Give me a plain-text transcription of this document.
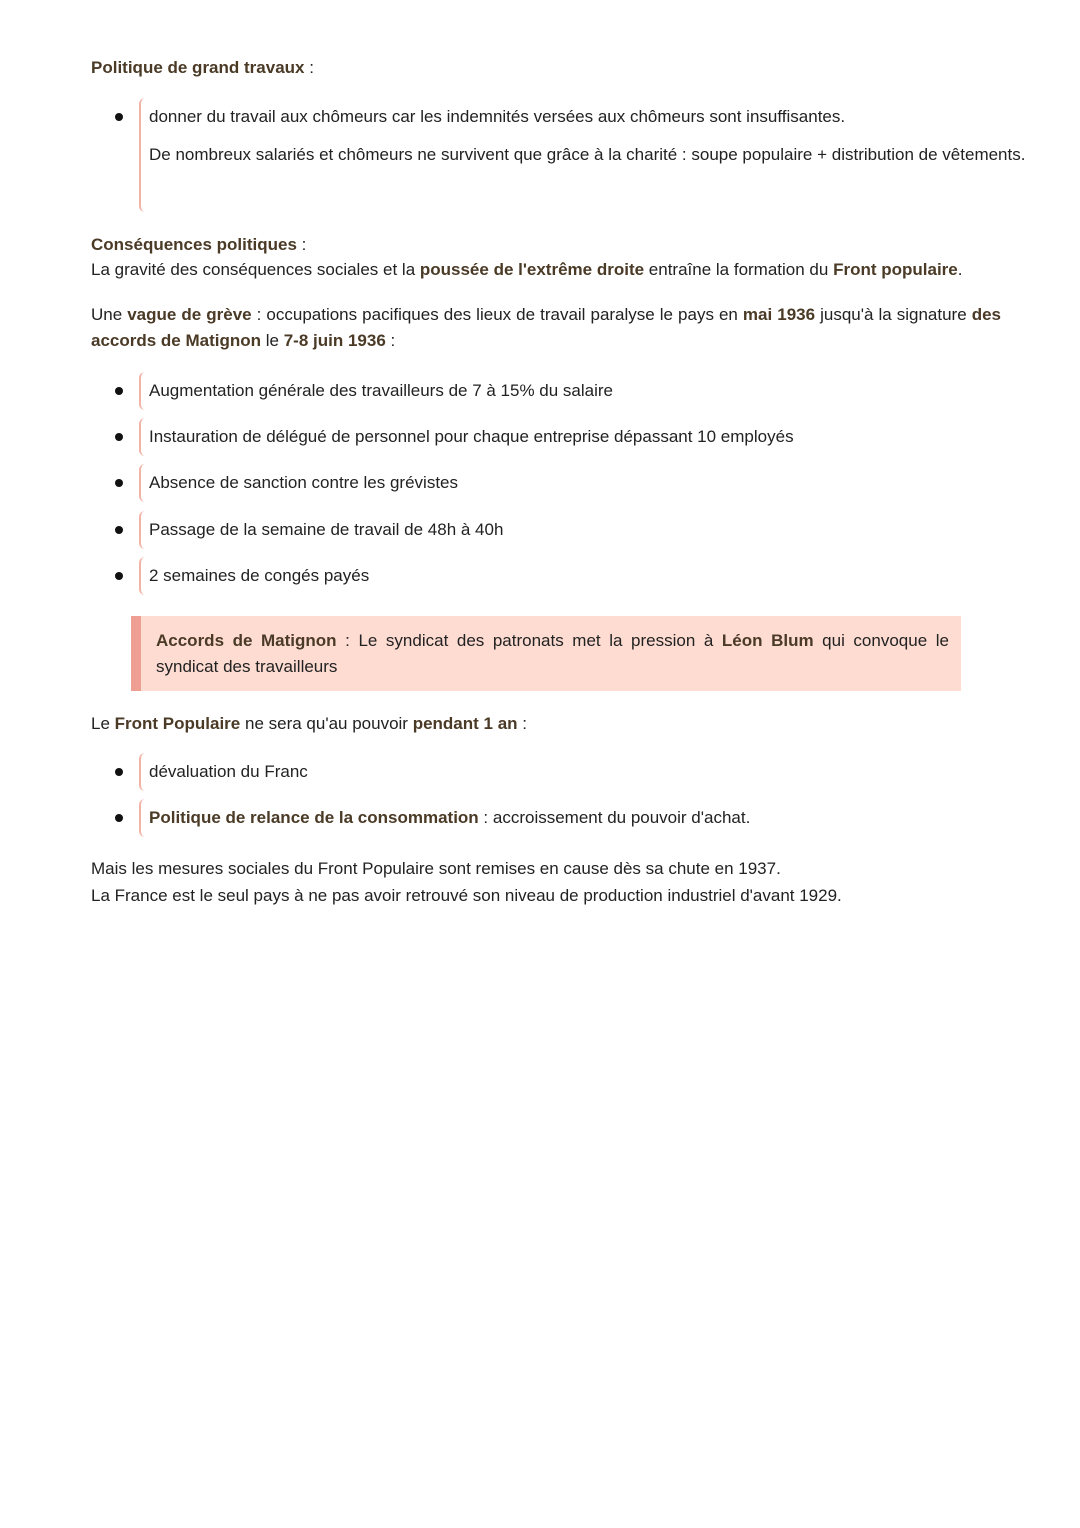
Politique de grand travaux :

donner du travail aux chômeurs car les indemnités versées aux chômeurs sont insuffisantes.
De nombreux salariés et chômeurs ne survivent que grâce à la charité : soupe populaire + distribution de vêtements.

Conséquences politiques :

La gravité des conséquences sociales et la poussée de l'extrême droite entraîne la formation du Front populaire.

Une vague de grève : occupations pacifiques des lieux de travail paralyse le pays en mai 1936 jusqu'à la signature des accords de Matignon le 7-8 juin 1936 :

Augmentation générale des travailleurs de 7 à 15% du salaire
Instauration de délégué de personnel pour chaque entreprise dépassant 10 employés
Absence de sanction contre les grévistes
Passage de la semaine de travail de 48h à 40h
2 semaines de congés payés

Accords de Matignon : Le syndicat des patronats met la pression à Léon Blum qui convoque le syndicat des travailleurs

Le Front Populaire ne sera qu'au pouvoir pendant 1 an :

dévaluation du Franc
Politique de relance de la consommation : accroissement du pouvoir d'achat.

Mais les mesures sociales du Front Populaire sont remises en cause dès sa chute en 1937.

La France est le seul pays à ne pas avoir retrouvé son niveau de production industriel d'avant 1929.
